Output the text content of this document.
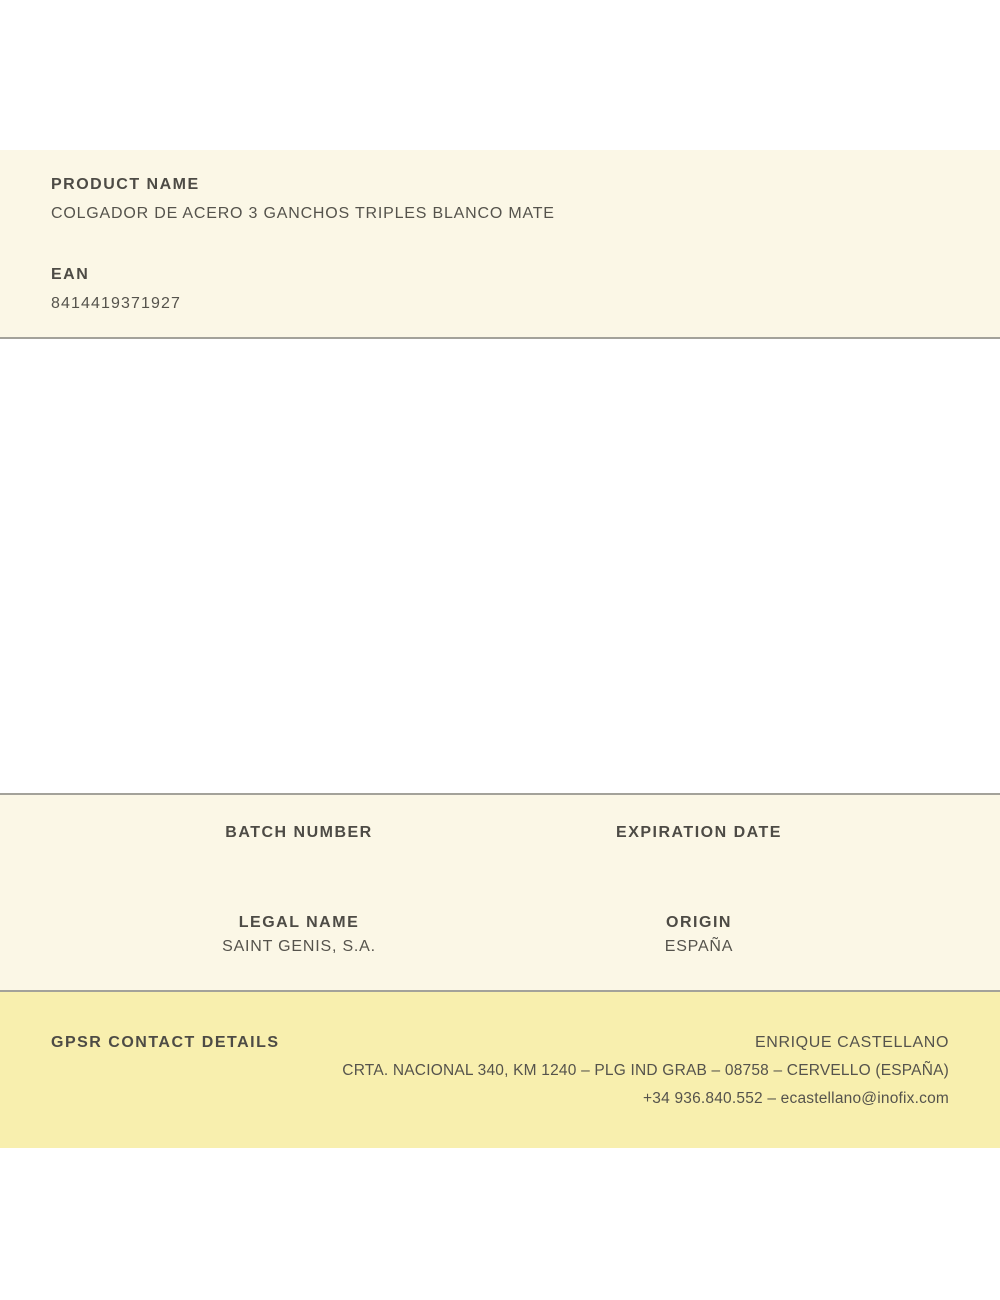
PRODUCT NAME
COLGADOR DE ACERO 3 GANCHOS TRIPLES BLANCO MATE
EAN
8414419371927
BATCH NUMBER	EXPIRATION DATE
LEGAL NAME
SAINT GENIS, S.A.
ORIGIN
ESPAÑA
GPSR CONTACT DETAILS	ENRIQUE CASTELLANO
CRTA. NACIONAL 340, KM 1240 – PLG IND GRAB – 08758 – CERVELLO (ESPAÑA)
+34 936.840.552 – ecastellano@inofix.com
